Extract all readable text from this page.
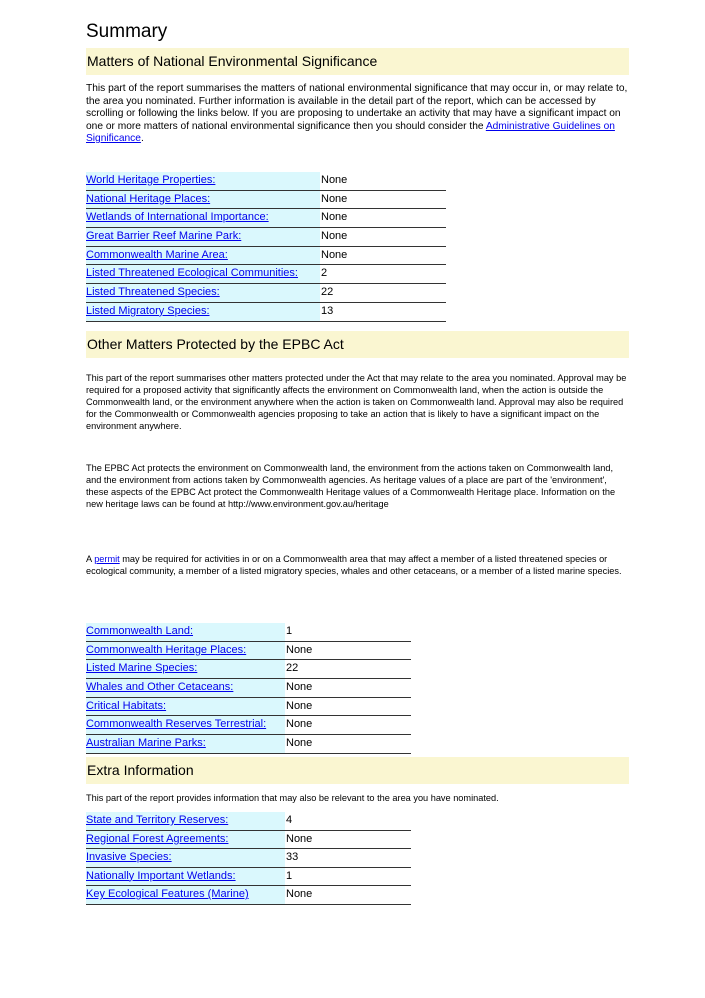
Summary
Matters of National Environmental Significance

This part of the report summarises the matters of national environmental significance that may occur in, or may relate to, the area you nominated. Further information is available in the detail part of the report, which can be accessed by scrolling or following the links below. If you are proposing to undertake an activity that may have a significant impact on one or more matters of national environmental significance then you should consider the Administrative Guidelines on Significance.

World Heritage Properties:	None
National Heritage Places:	None
Wetlands of International Importance:	None
Great Barrier Reef Marine Park:	None
Commonwealth Marine Area:	None
Listed Threatened Ecological Communities:	2
Listed Threatened Species:	22
Listed Migratory Species:	13
Other Matters Protected by the EPBC Act

This part of the report summarises other matters protected under the Act that may relate to the area you nominated. Approval may be required for a proposed activity that significantly affects the environment on Commonwealth land, when the action is outside the Commonwealth land, or the environment anywhere when the action is taken on Commonwealth land. Approval may also be required for the Commonwealth or Commonwealth agencies proposing to take an action that is likely to have a significant impact on the environment anywhere.

The EPBC Act protects the environment on Commonwealth land, the environment from the actions taken on Commonwealth land, and the environment from actions taken by Commonwealth agencies. As heritage values of a place are part of the 'environment', these aspects of the EPBC Act protect the Commonwealth Heritage values of a Commonwealth Heritage place. Information on the new heritage laws can be found at http://www.environment.gov.au/heritage

A permit may be required for activities in or on a Commonwealth area that may affect a member of a listed threatened species or ecological community, a member of a listed migratory species, whales and other cetaceans, or a member of a listed marine species.

Commonwealth Land:	1
Commonwealth Heritage Places:	None
Listed Marine Species:	22
Whales and Other Cetaceans:	None
Critical Habitats:	None
Commonwealth Reserves Terrestrial:	None
Australian Marine Parks:	None
Extra Information

This part of the report provides information that may also be relevant to the area you have nominated.

State and Territory Reserves:	4
Regional Forest Agreements:	None
Invasive Species:	33
Nationally Important Wetlands:	1
Key Ecological Features (Marine)	None
